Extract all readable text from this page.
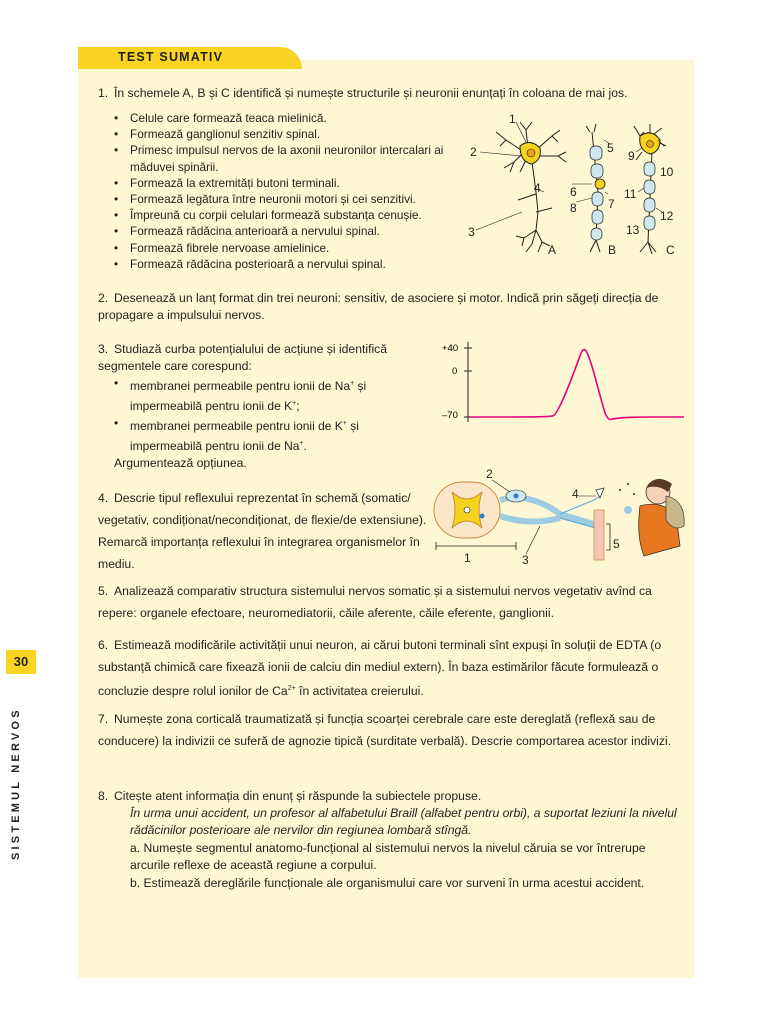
TEST SUMATIV
30
SISTEMUL NERVOS
1. În schemele A, B și C identifică și numește structurile și neuronii enunțați în coloana de mai jos.
• Celule care formează teaca mielinică.
• Formează ganglionul senzitiv spinal.
• Primesc impulsul nervos de la axonii neuronilor intercalari ai măduvei spinării.
• Formează la extremități butoni terminali.
• Formează legătura între neuronii motori și cei senzitivi.
• Împreună cu corpii celulari formează substanța cenușie.
• Formează rădăcina anterioară a nervului spinal.
• Formează fibrele nervoase amielinice.
• Formează rădăcina posterioară a nervului spinal.
1
2
3
4
5
6
7
8
9
10
11
12
13
A	B	C
2. Desenează un lanț format din trei neuroni: sensitiv, de asociere și motor. Indică prin săgeți direcția de propagare a impulsului nervos.
3. Studiază curba potențialului de acțiune și identifică segmentele care corespund:
• membranei permeabile pentru ionii de Na+ și impermeabilă pentru ionii de K+;
• membranei permeabile pentru ionii de K+ și impermeabilă pentru ionii de Na+.
Argumentează opțiunea.
+40
0
–70
4. Descrie tipul reflexului reprezentat în schemă (somatic/ vegetativ, condiționat/necondiționat, de flexie/de extensiune). Remarcă importanța reflexului în integrarea organismelor în mediu.
2
1	3
4
5
5. Analizează comparativ structura sistemului nervos somatic și a sistemului nervos vegetativ avînd ca repere: organele efectoare, neuromediatorii, căile aferente, căile eferente, ganglionii.
6. Estimează modificările activității unui neuron, ai cărui butoni terminali sînt expuși în soluții de EDTA (o substanță chimică care fixează ionii de calciu din mediul extern). În baza estimărilor făcute formulează o concluzie despre rolul ionilor de $Ca^{2+}$ în activitatea creierului.
7. Numește zona corticală traumatizată și funcția scoarței cerebrale care este dereglată (reflexă sau de conducere) la indivizii ce suferă de agnozie tipică (surditate verbală). Descrie comportarea acestor indivizi.
8. Citește atent informația din enunț și răspunde la subiectele propuse.
În urma unui accident, un profesor al alfabetului Braill (alfabet pentru orbi), a suportat leziuni la nivelul rădăcinilor posterioare ale nervilor din regiunea lombară stîngă.
a. Numește segmentul anatomo-funcțional al sistemului nervos la nivelul căruia se vor întrerupe arcurile reflexe de această regiune a corpului.
b. Estimează dereglările funcționale ale organismului care vor surveni în urma acestui accident.
